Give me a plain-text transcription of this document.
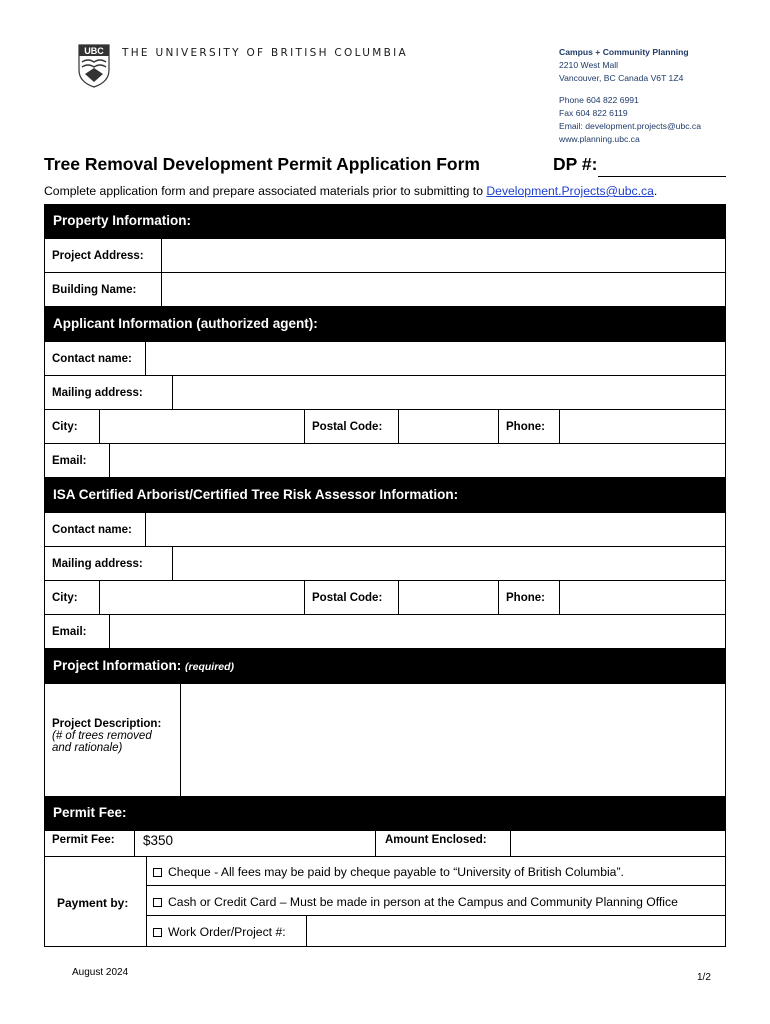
UBC THE UNIVERSITY OF BRITISH COLUMBIA	Campus + Community Planning
2210 West Mall
Vancouver, BC Canada V6T 1Z4
Phone 604 822 6991
Fax 604 822 6119
Email: development.projects@ubc.ca
www.planning.ubc.ca
Tree Removal Development Permit Application Form	DP #:
Complete application form and prepare associated materials prior to submitting to Development.Projects@ubc.ca.
Property Information:
Project Address:
Building Name:
Applicant Information (authorized agent):
Contact name:
Mailing address:
City:	Postal Code:	Phone:
Email:
ISA Certified Arborist/Certified Tree Risk Assessor Information:
Contact name:
Mailing address:
City:	Postal Code:	Phone:
Email:
Project Information: (required)
Project Description:
(# of trees removed
and rationale)
Permit Fee:
Permit Fee:	$350	Amount Enclosed:
Payment by:
Cheque - All fees may be paid by cheque payable to “University of British Columbia”.
Cash or Credit Card – Must be made in person at the Campus and Community Planning Office
Work Order/Project #:
August 2024	1/2
